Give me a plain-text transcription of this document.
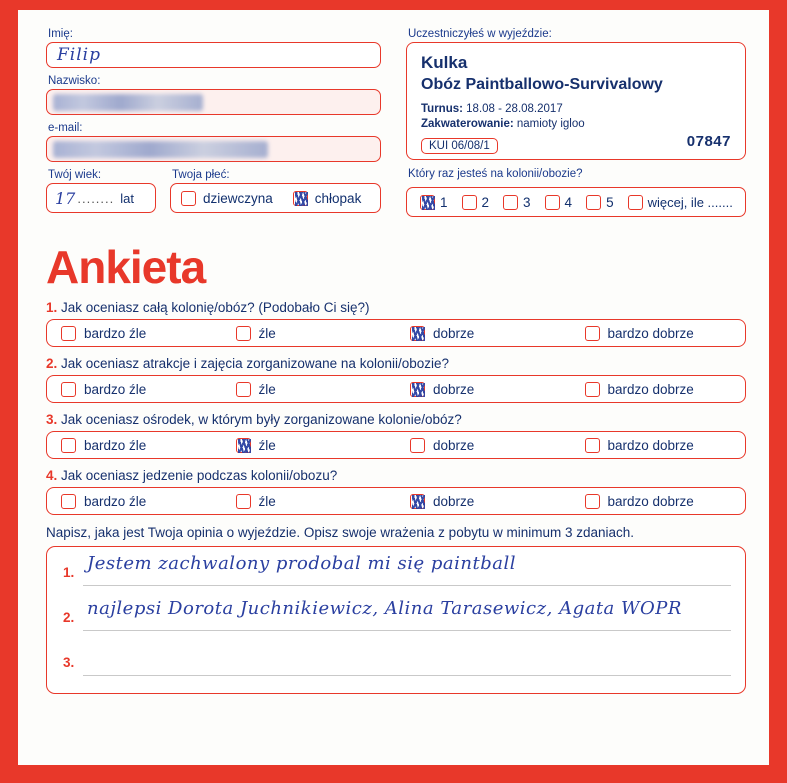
Imię:
Filip
Nazwisko:
e-mail:
Twój wiek:
17 ........ lat
Twoja płeć:
dziewczyna	chłopak
Uczestniczyłeś w wyjeździe:
Kulka
Obóz Paintballowo-Survivalowy
Turnus: 18.08 - 28.08.2017
Zakwaterowanie: namioty igloo
KUI 06/08/1	07847
Który raz jesteś na kolonii/obozie?
1	2	3	4	5	więcej, ile .......
Ankieta
1. Jak oceniasz całą kolonię/obóz? (Podobało Ci się?)
bardzo źle	źle	dobrze	bardzo dobrze
2. Jak oceniasz atrakcje i zajęcia zorganizowane na kolonii/obozie?
bardzo źle	źle	dobrze	bardzo dobrze
3. Jak oceniasz ośrodek, w którym były zorganizowane kolonie/obóz?
bardzo źle	źle	dobrze	bardzo dobrze
4. Jak oceniasz jedzenie podczas kolonii/obozu?
bardzo źle	źle	dobrze	bardzo dobrze
Napisz, jaka jest Twoja opinia o wyjeździe. Opisz swoje wrażenia z pobytu w minimum 3 zdaniach.
1. Jestem zachwalony prodobal mi się paintball
2. najlepsi Dorota Juchnikiewicz, Alina Tarasewicz, Agata WOPR
3.
